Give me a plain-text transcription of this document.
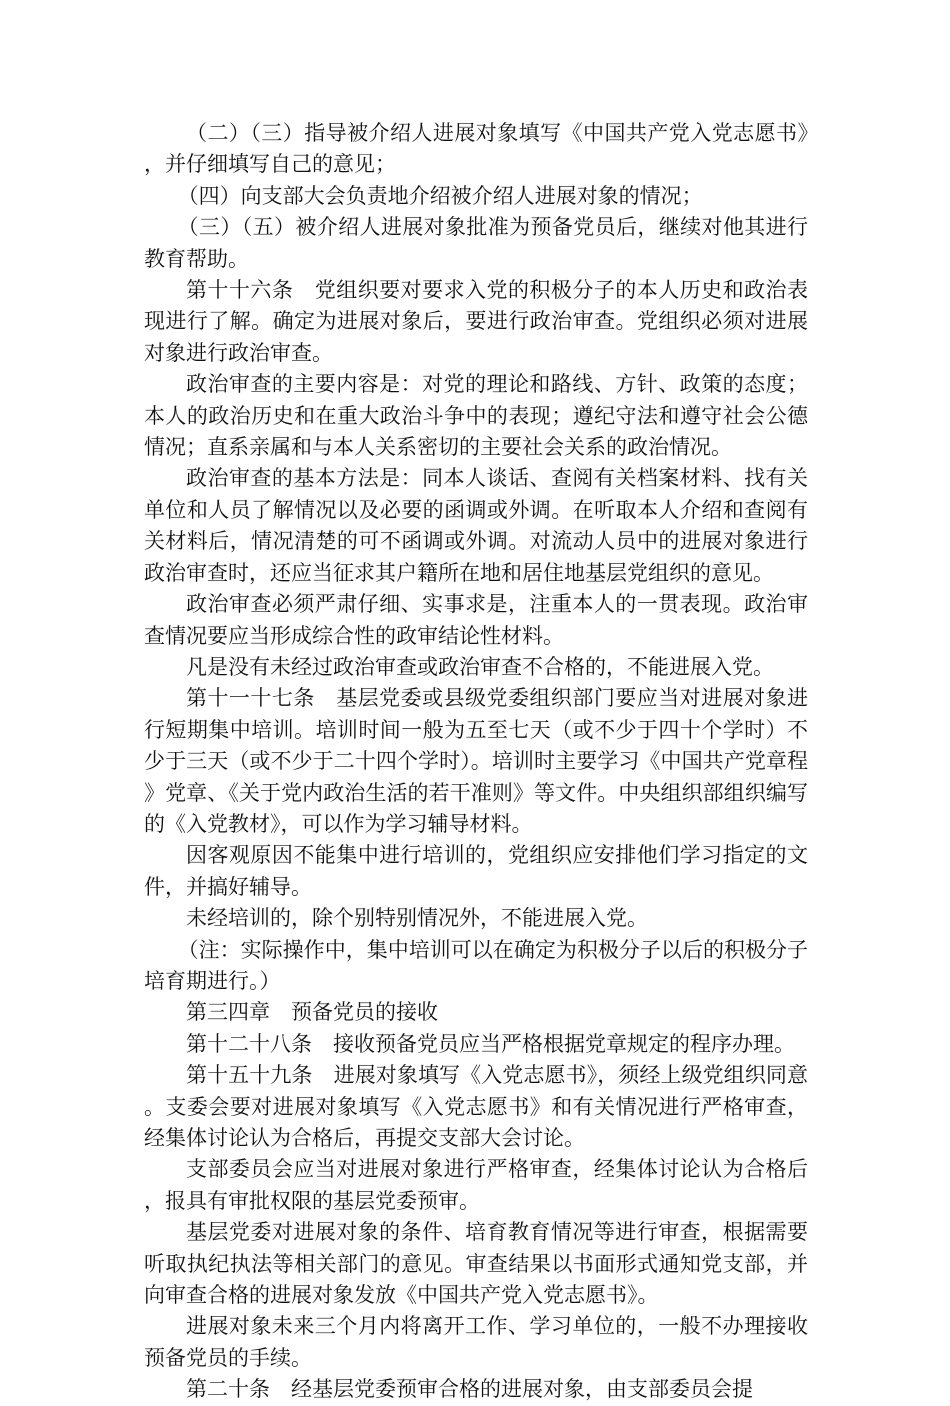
（二）（三）指导被介绍人进展对象填写《中国共产党入党志愿书》，并仔细填写自己的意见；

（四）向支部大会负责地介绍被介绍人进展对象的情况；

（三）（五）被介绍人进展对象批准为预备党员后，继续对他其进行教育帮助。

第十十六条　党组织要对要求入党的积极分子的本人历史和政治表现进行了解。确定为进展对象后，要进行政治审查。党组织必须对进展对象进行政治审查。

政治审查的主要内容是：对党的理论和路线、方针、政策的态度；本人的政治历史和在重大政治斗争中的表现；遵纪守法和遵守社会公德情况；直系亲属和与本人关系密切的主要社会关系的政治情况。

政治审查的基本方法是：同本人谈话、查阅有关档案材料、找有关单位和人员了解情况以及必要的函调或外调。在听取本人介绍和查阅有关材料后，情况清楚的可不函调或外调。对流动人员中的进展对象进行政治审查时，还应当征求其户籍所在地和居住地基层党组织的意见。

政治审查必须严肃仔细、实事求是，注重本人的一贯表现。政治审查情况要应当形成综合性的政审结论性材料。

凡是没有未经过政治审查或政治审查不合格的，不能进展入党。

第十一十七条　基层党委或县级党委组织部门要应当对进展对象进行短期集中培训。培训时间一般为五至七天（或不少于四十个学时）不少于三天（或不少于二十四个学时）。培训时主要学习《中国共产党章程》党章、《关于党内政治生活的若干准则》等文件。中央组织部组织编写的《入党教材》，可以作为学习辅导材料。

因客观原因不能集中进行培训的，党组织应安排他们学习指定的文件，并搞好辅导。

未经培训的，除个别特别情况外，不能进展入党。

（注：实际操作中，集中培训可以在确定为积极分子以后的积极分子培育期进行。）

第三四章　预备党员的接收

第十二十八条　接收预备党员应当严格根据党章规定的程序办理。

第十五十九条　进展对象填写《入党志愿书》，须经上级党组织同意。支委会要对进展对象填写《入党志愿书》和有关情况进行严格审查，经集体讨论认为合格后，再提交支部大会讨论。

支部委员会应当对进展对象进行严格审查，经集体讨论认为合格后，报具有审批权限的基层党委预审。

基层党委对进展对象的条件、培育教育情况等进行审查，根据需要听取执纪执法等相关部门的意见。审查结果以书面形式通知党支部，并向审查合格的进展对象发放《中国共产党入党志愿书》。

进展对象未来三个月内将离开工作、学习单位的，一般不办理接收预备党员的手续。

第二十条　经基层党委预审合格的进展对象，由支部委员会提
